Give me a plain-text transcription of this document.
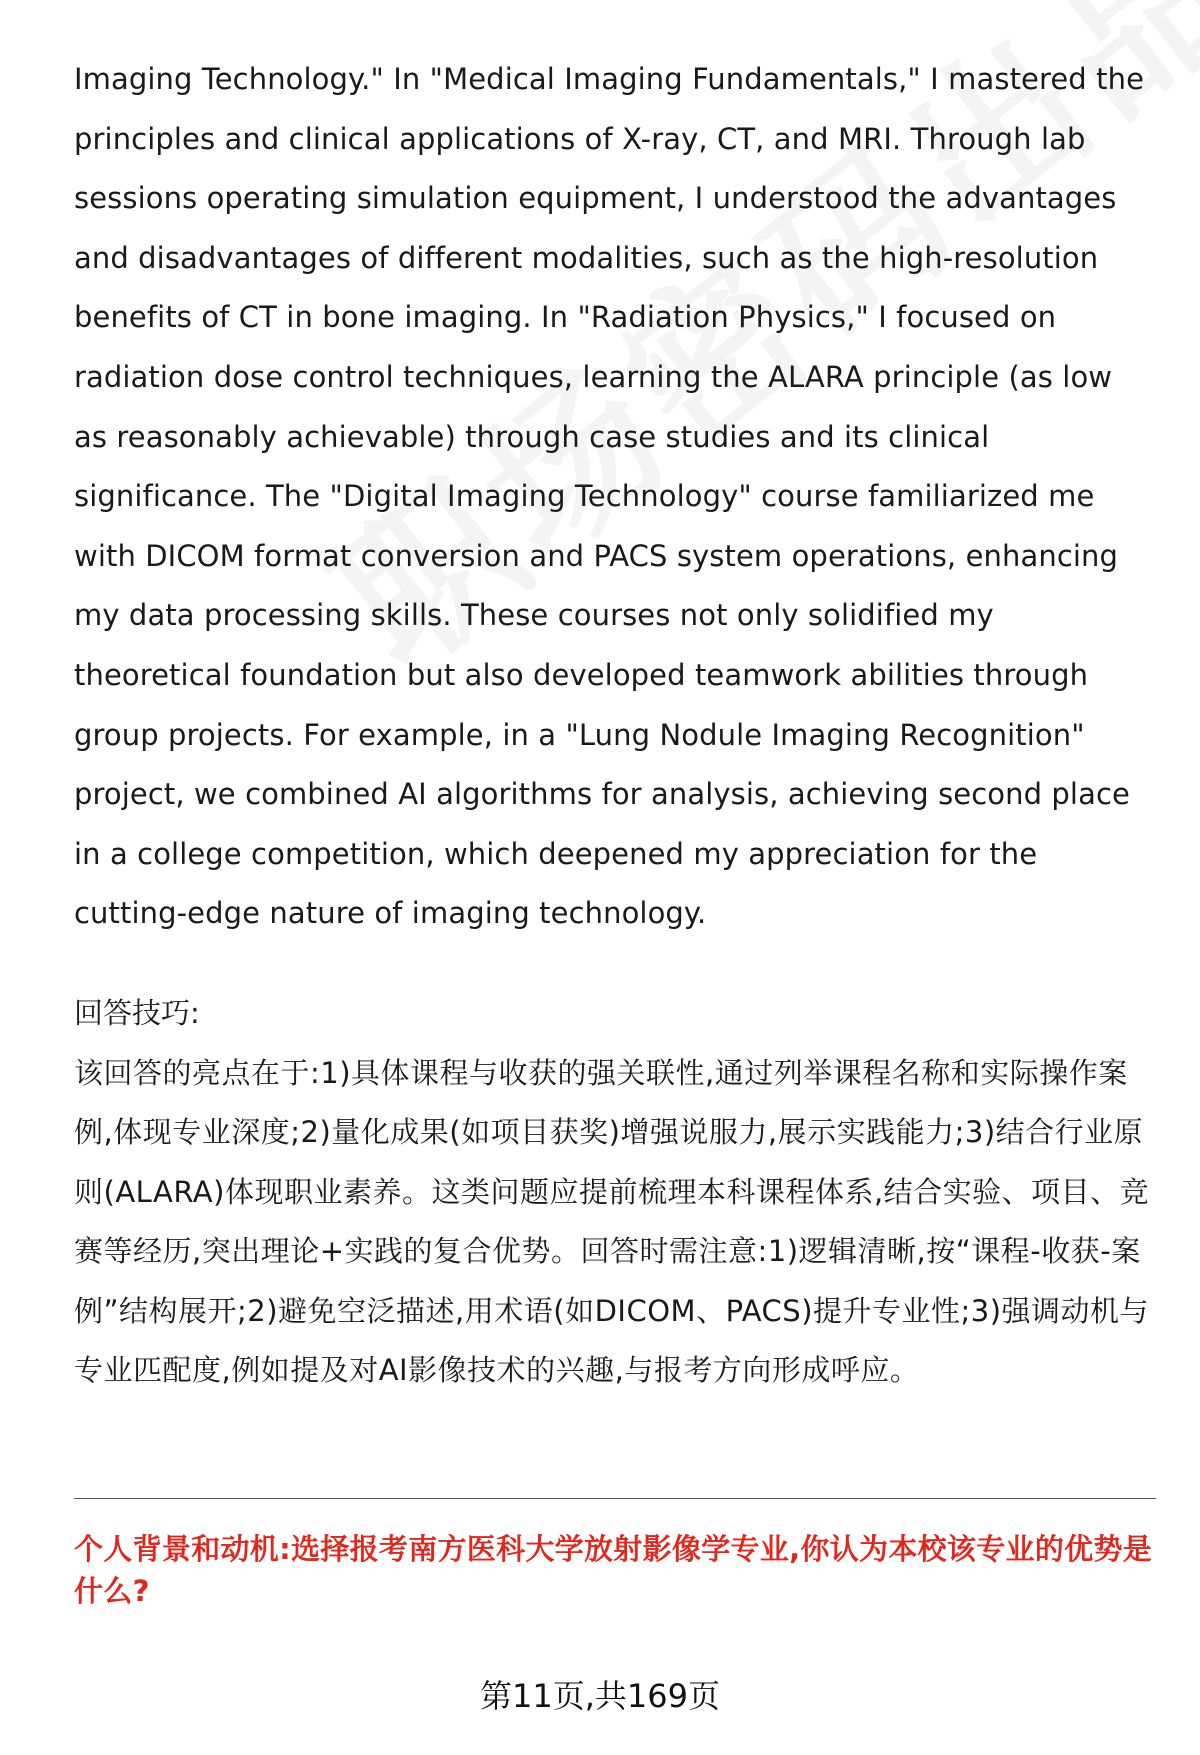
Imaging Technology." In "Medical Imaging Fundamentals," I mastered the principles and clinical applications of X-ray, CT, and MRI. Through lab sessions operating simulation equipment, I understood the advantages and disadvantages of different modalities, such as the high-resolution benefits of CT in bone imaging. In "Radiation Physics," I focused on radiation dose control techniques, learning the ALARA principle (as low as reasonably achievable) through case studies and its clinical significance. The "Digital Imaging Technology" course familiarized me with DICOM format conversion and PACS system operations, enhancing my data processing skills. These courses not only solidified my theoretical foundation but also developed teamwork abilities through group projects. For example, in a "Lung Nodule Imaging Recognition" project, we combined AI algorithms for analysis, achieving second place in a college competition, which deepened my appreciation for the cutting-edge nature of imaging technology.

回答技巧:

该回答的亮点在于:1)具体课程与收获的强关联性,通过列举课程名称和实际操作案例,体现专业深度;2)量化成果(如项目获奖)增强说服力,展示实践能力;3)结合行业原则(ALARA)体现职业素养。这类问题应提前梳理本科课程体系,结合实验、项目、竞赛等经历,突出理论+实践的复合优势。回答时需注意:1)逻辑清晰,按“课程-收获-案例”结构展开;2)避免空泛描述,用术语(如DICOM、PACS)提升专业性;3)强调动机与专业匹配度,例如提及对AI影像技术的兴趣,与报考方向形成呼应。

个人背景和动机:选择报考南方医科大学放射影像学专业,你认为本校该专业的优势是什么?

第11页,共169页
